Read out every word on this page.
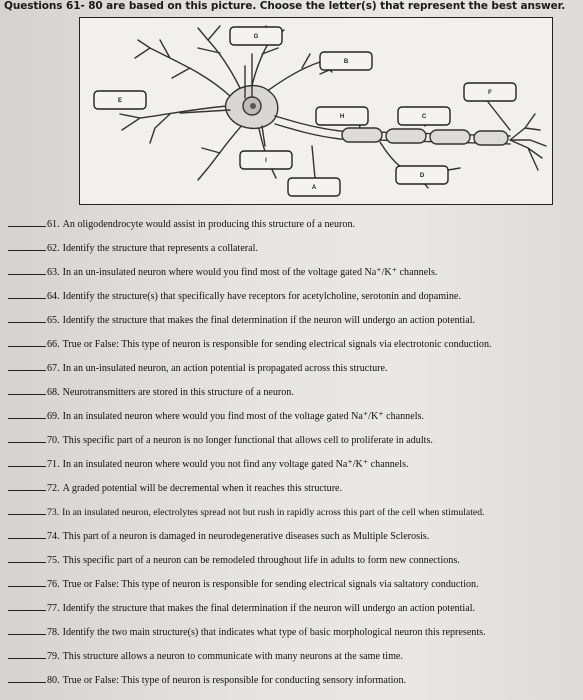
Questions 61- 80 are based on this picture. Choose the letter(s) that represent the best answer.
G
B
E
F
H	C
I
D
A
61. An oligodendrocyte would assist in producing this structure of a neuron.
62. Identify the structure that represents a collateral.
63. In an un-insulated neuron where would you find most of the voltage gated Na⁺/K⁺ channels.
64. Identify the structure(s) that specifically have receptors for acetylcholine, serotonin and dopamine.
65. Identify the structure that makes the final determination if the neuron will undergo an action potential.
66. True or False: This type of neuron is responsible for sending electrical signals via electrotonic conduction.
67. In an un-insulated neuron, an action potential is propagated across this structure.
68. Neurotransmitters are stored in this structure of a neuron.
69. In an insulated neuron where would you find most of the voltage gated Na⁺/K⁺ channels.
70. This specific part of a neuron is no longer functional that allows cell to proliferate in adults.
71. In an insulated neuron where would you not find any voltage gated Na⁺/K⁺ channels.
72. A graded potential will be decremental when it reaches this structure.
73. In an insulated neuron, electrolytes spread not but rush in rapidly across this part of the cell when stimulated.
74. This part of a neuron is damaged in neurodegenerative diseases such as Multiple Sclerosis.
75. This specific part of a neuron can be remodeled throughout life in adults to form new connections.
76. True or False: This type of neuron is responsible for sending electrical signals via saltatory conduction.
77. Identify the structure that makes the final determination if the neuron will undergo an action potential.
78. Identify the two main structure(s) that indicates what type of basic morphological neuron this represents.
79. This structure allows a neuron to communicate with many neurons at the same time.
80. True or False: This type of neuron is responsible for conducting sensory information.
